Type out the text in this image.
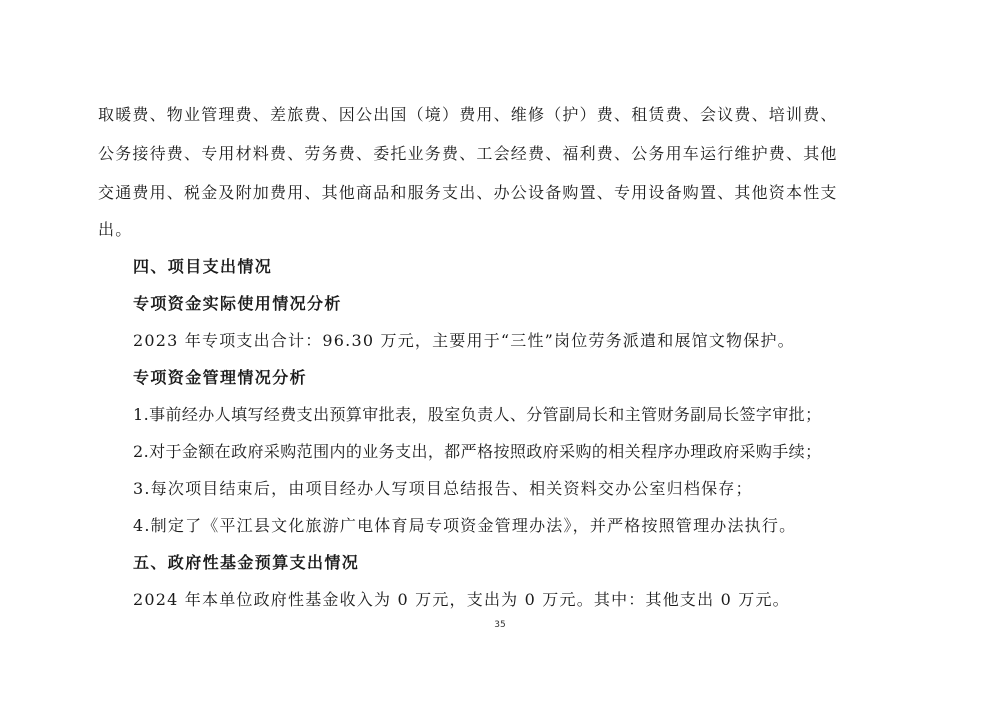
取暖费、物业管理费、差旅费、因公出国（境）费用、维修（护）费、租赁费、会议费、培训费、
公务接待费、专用材料费、劳务费、委托业务费、工会经费、福利费、公务用车运行维护费、其他
交通费用、税金及附加费用、其他商品和服务支出、办公设备购置、专用设备购置、其他资本性支
出。
四、项目支出情况
专项资金实际使用情况分析
2023 年专项支出合计：96.30 万元，主要用于“三性”岗位劳务派遣和展馆文物保护。
专项资金管理情况分析
1.事前经办人填写经费支出预算审批表，股室负责人、分管副局长和主管财务副局长签字审批；
2.对于金额在政府采购范围内的业务支出，都严格按照政府采购的相关程序办理政府采购手续；
3.每次项目结束后，由项目经办人写项目总结报告、相关资料交办公室归档保存；
4.制定了《平江县文化旅游广电体育局专项资金管理办法》，并严格按照管理办法执行。
五、政府性基金预算支出情况
2024 年本单位政府性基金收入为 0 万元，支出为 0 万元。其中：其他支出 0 万元。
35
